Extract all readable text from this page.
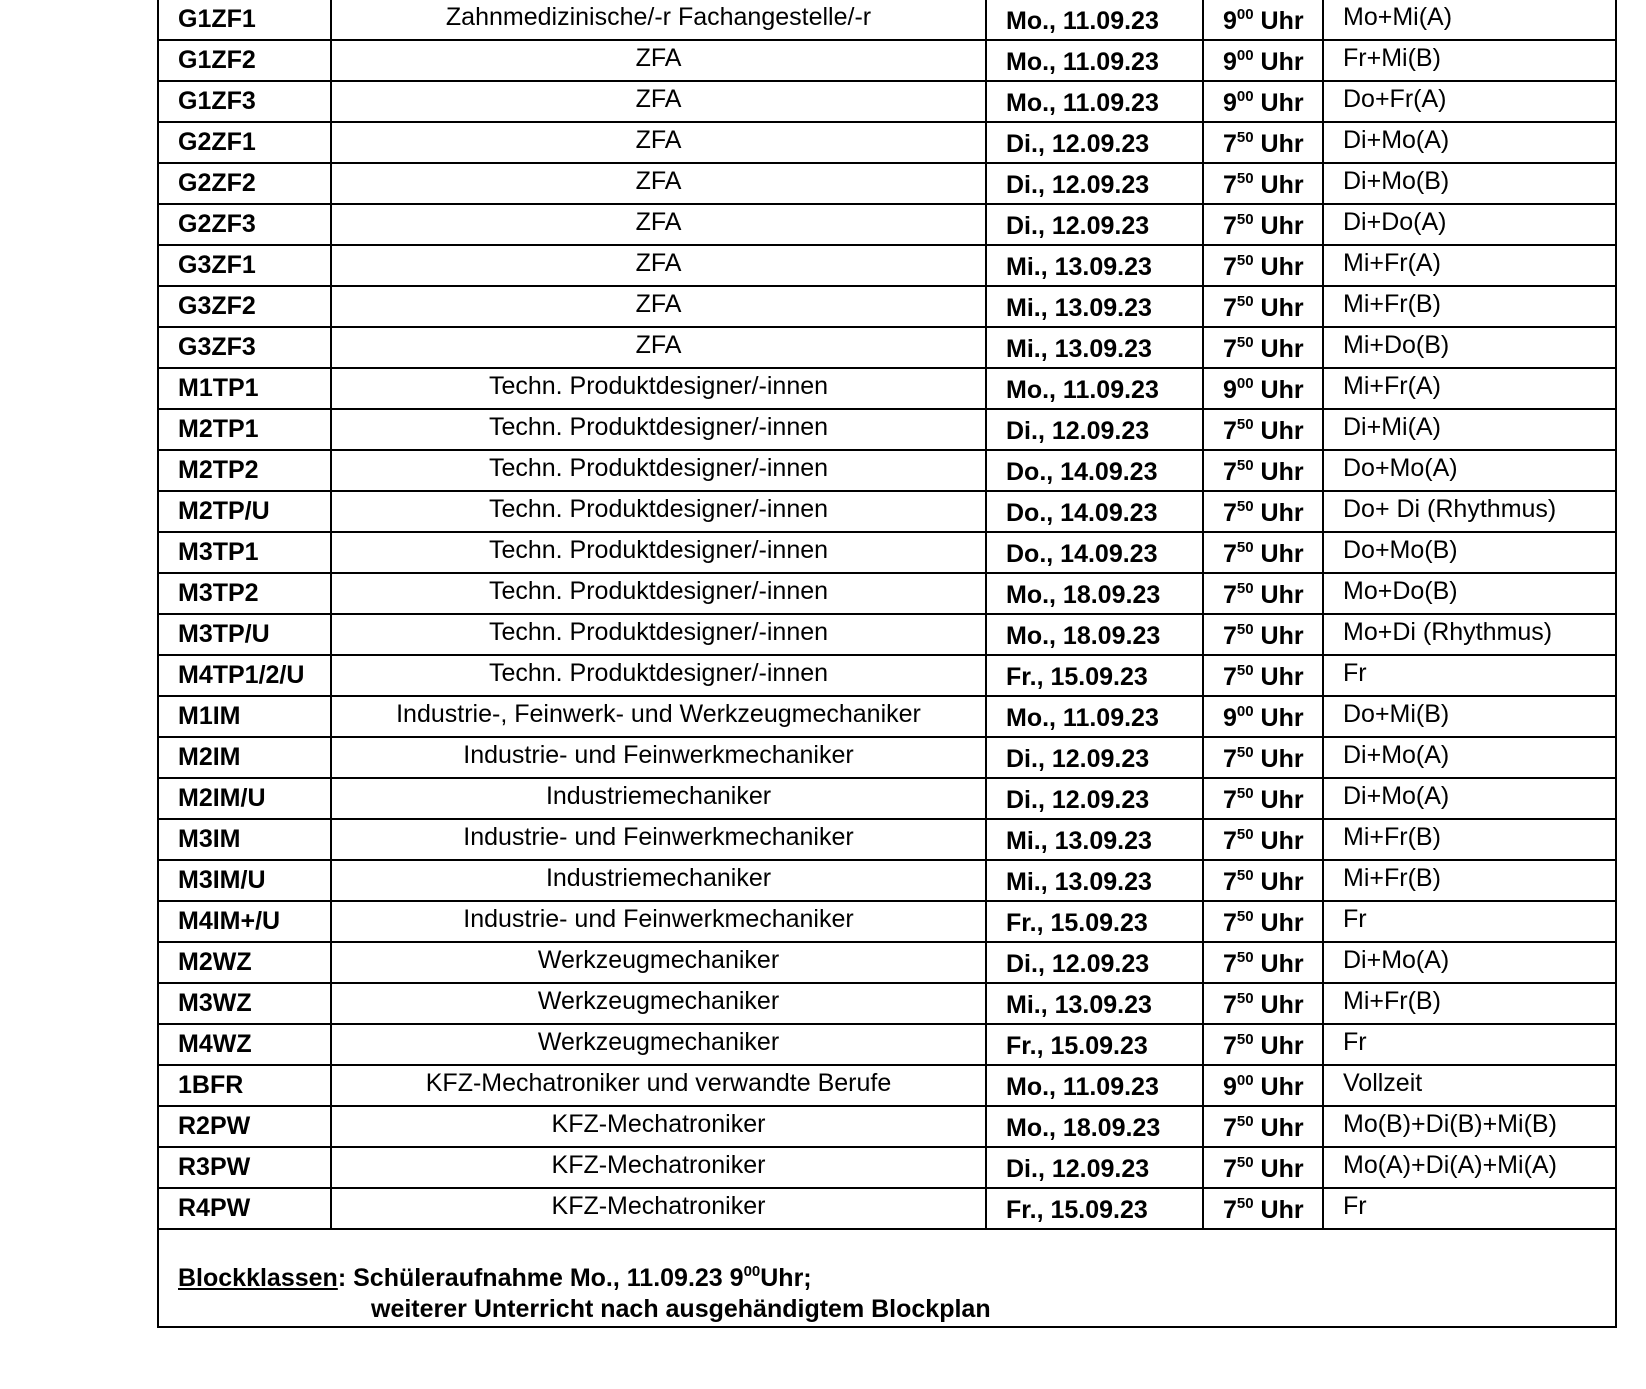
G1ZF1	Zahnmedizinische/-r Fachangestelle/-r	Mo., 11.09.23	$9^{00}$ Uhr	Mo+Mi(A)
G1ZF2	ZFA	Mo., 11.09.23	$9^{00}$ Uhr	Fr+Mi(B)
G1ZF3	ZFA	Mo., 11.09.23	$9^{00}$ Uhr	Do+Fr(A)
G2ZF1	ZFA	Di., 12.09.23	$7^{50}$ Uhr	Di+Mo(A)
G2ZF2	ZFA	Di., 12.09.23	$7^{50}$ Uhr	Di+Mo(B)
G2ZF3	ZFA	Di., 12.09.23	$7^{50}$ Uhr	Di+Do(A)
G3ZF1	ZFA	Mi., 13.09.23	$7^{50}$ Uhr	Mi+Fr(A)
G3ZF2	ZFA	Mi., 13.09.23	$7^{50}$ Uhr	Mi+Fr(B)
G3ZF3	ZFA	Mi., 13.09.23	$7^{50}$ Uhr	Mi+Do(B)
M1TP1	Techn. Produktdesigner/-innen	Mo., 11.09.23	$9^{00}$ Uhr	Mi+Fr(A)
M2TP1	Techn. Produktdesigner/-innen	Di., 12.09.23	$7^{50}$ Uhr	Di+Mi(A)
M2TP2	Techn. Produktdesigner/-innen	Do., 14.09.23	$7^{50}$ Uhr	Do+Mo(A)
M2TP/U	Techn. Produktdesigner/-innen	Do., 14.09.23	$7^{50}$ Uhr	Do+ Di (Rhythmus)
M3TP1	Techn. Produktdesigner/-innen	Do., 14.09.23	$7^{50}$ Uhr	Do+Mo(B)
M3TP2	Techn. Produktdesigner/-innen	Mo., 18.09.23	$7^{50}$ Uhr	Mo+Do(B)
M3TP/U	Techn. Produktdesigner/-innen	Mo., 18.09.23	$7^{50}$ Uhr	Mo+Di (Rhythmus)
M4TP1/2/U	Techn. Produktdesigner/-innen	Fr., 15.09.23	$7^{50}$ Uhr	Fr
M1IM	Industrie-, Feinwerk- und Werkzeugmechaniker	Mo., 11.09.23	$9^{00}$ Uhr	Do+Mi(B)
M2IM	Industrie- und Feinwerkmechaniker	Di., 12.09.23	$7^{50}$ Uhr	Di+Mo(A)
M2IM/U	Industriemechaniker	Di., 12.09.23	$7^{50}$ Uhr	Di+Mo(A)
M3IM	Industrie- und Feinwerkmechaniker	Mi., 13.09.23	$7^{50}$ Uhr	Mi+Fr(B)
M3IM/U	Industriemechaniker	Mi., 13.09.23	$7^{50}$ Uhr	Mi+Fr(B)
M4IM+/U	Industrie- und Feinwerkmechaniker	Fr., 15.09.23	$7^{50}$ Uhr	Fr
M2WZ	Werkzeugmechaniker	Di., 12.09.23	$7^{50}$ Uhr	Di+Mo(A)
M3WZ	Werkzeugmechaniker	Mi., 13.09.23	$7^{50}$ Uhr	Mi+Fr(B)
M4WZ	Werkzeugmechaniker	Fr., 15.09.23	$7^{50}$ Uhr	Fr
1BFR	KFZ-Mechatroniker und verwandte Berufe	Mo., 11.09.23	$9^{00}$ Uhr	Vollzeit
R2PW	KFZ-Mechatroniker	Mo., 18.09.23	$7^{50}$ Uhr	Mo(B)+Di(B)+Mi(B)
R3PW	KFZ-Mechatroniker	Di., 12.09.23	$7^{50}$ Uhr	Mo(A)+Di(A)+Mi(A)
R4PW	KFZ-Mechatroniker	Fr., 15.09.23	$7^{50}$ Uhr	Fr
Blockklassen: Schüleraufnahme Mo., 11.09.23 $9^{00}Uhr$;
weiterer Unterricht nach ausgehändigtem Blockplan
